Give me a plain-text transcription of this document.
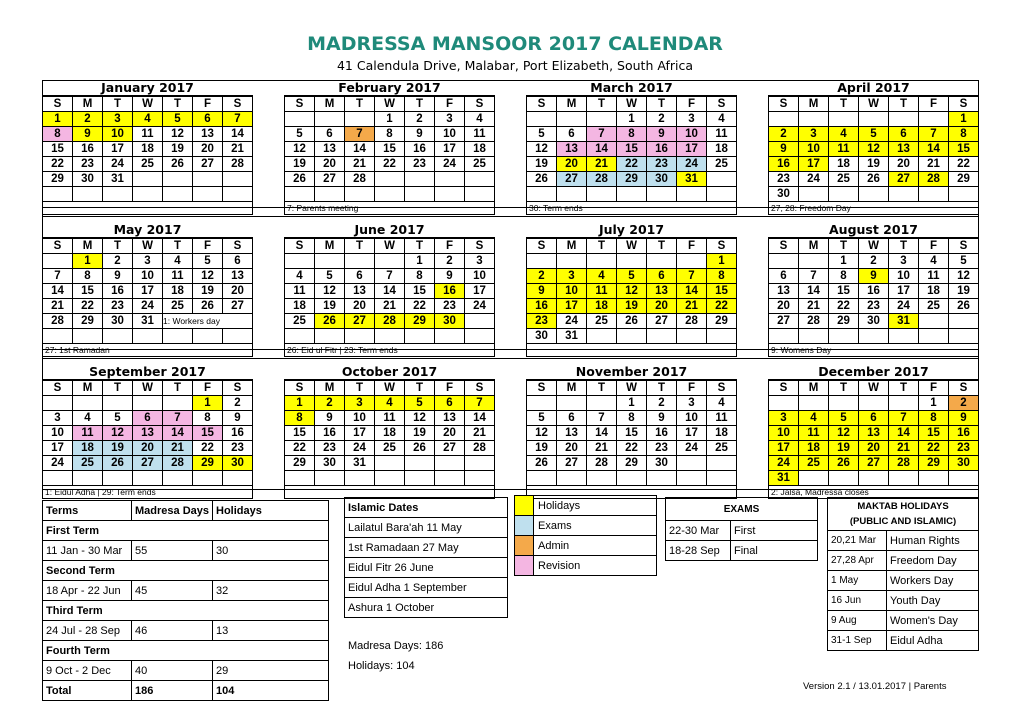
MADRESSA MANSOOR 2017 CALENDAR
41 Calendula Drive, Malabar, Port Elizabeth, South Africa
January 2017
S	M	T	W	T	F	S
1	2	3	4	5	6	7
8	9	10	11	12	13	14
15	16	17	18	19	20	21
22	23	24	25	26	27	28
29	30	31				

February 2017
S	M	T	W	T	F	S
			1	2	3	4
5	6	7	8	9	10	11
12	13	14	15	16	17	18
19	20	21	22	23	24	25
26	27	28				

7: Parents meeting
March 2017
S	M	T	W	T	F	S
			1	2	3	4
5	6	7	8	9	10	11
12	13	14	15	16	17	18
19	20	21	22	23	24	25
26	27	28	29	30	31	

30: Term ends
April 2017
S	M	T	W	T	F	S
						1
2	3	4	5	6	7	8
9	10	11	12	13	14	15
16	17	18	19	20	21	22
23	24	25	26	27	28	29
30						
27, 28: Freedom Day
May 2017
S	M	T	W	T	F	S
	1	2	3	4	5	6
7	8	9	10	11	12	13
14	15	16	17	18	19	20
21	22	23	24	25	26	27
28	29	30	31	1: Workers day		

27: 1st Ramadan
June 2017
S	M	T	W	T	F	S
				1	2	3
4	5	6	7	8	9	10
11	12	13	14	15	16	17
18	19	20	21	22	23	24
25	26	27	28	29	30	

26: Eid ul Fitr | 23: Term ends
July 2017
S	M	T	W	T	F	S
						1
2	3	4	5	6	7	8
9	10	11	12	13	14	15
16	17	18	19	20	21	22
23	24	25	26	27	28	29
30	31					
August 2017
S	M	T	W	T	F	S
		1	2	3	4	5
6	7	8	9	10	11	12
13	14	15	16	17	18	19
20	21	22	23	24	25	26
27	28	29	30	31		

9: Womens Day
September 2017
S	M	T	W	T	F	S
					1	2
3	4	5	6	7	8	9
10	11	12	13	14	15	16
17	18	19	20	21	22	23
24	25	26	27	28	29	30

1: Eidul Adha | 29: Term ends
October 2017
S	M	T	W	T	F	S
1	2	3	4	5	6	7
8	9	10	11	12	13	14
15	16	17	18	19	20	21
22	23	24	25	26	27	28
29	30	31				

November 2017
S	M	T	W	T	F	S
			1	2	3	4
5	6	7	8	9	10	11
12	13	14	15	16	17	18
19	20	21	22	23	24	25
26	27	28	29	30		

December 2017
S	M	T	W	T	F	S
					1	2
3	4	5	6	7	8	9
10	11	12	13	14	15	16
17	18	19	20	21	22	23
24	25	26	27	28	29	30
31						
2: Jalsa, Madressa closes
Terms	Madresa Days	Holidays
First Term		
11 Jan - 30 Mar	55	30
Second Term		
18 Apr - 22 Jun	45	32
Third Term		
24 Jul - 28 Sep	46	13
Fourth Term		
9 Oct - 2 Dec	40	29
Total	186	104
Islamic Dates
Lailatul Bara'ah 11 May
1st Ramadaan 27 May
Eidul Fitr 26 June
Eidul Adha 1 September
Ashura 1 October
	Holidays
	Exams
	Admin
	Revision
Madresa Days: 186
Holidays: 104
EXAMS	
22-30 Mar	First
18-28 Sep	Final
MAKTAB HOLIDAYS
(PUBLIC AND ISLAMIC)	
20,21 Mar	Human Rights
27,28 Apr	Freedom Day
1 May	Workers Day
16 Jun	Youth Day
9 Aug	Women's Day
31-1 Sep	Eidul Adha
Version 2.1 / 13.01.2017 | Parents
